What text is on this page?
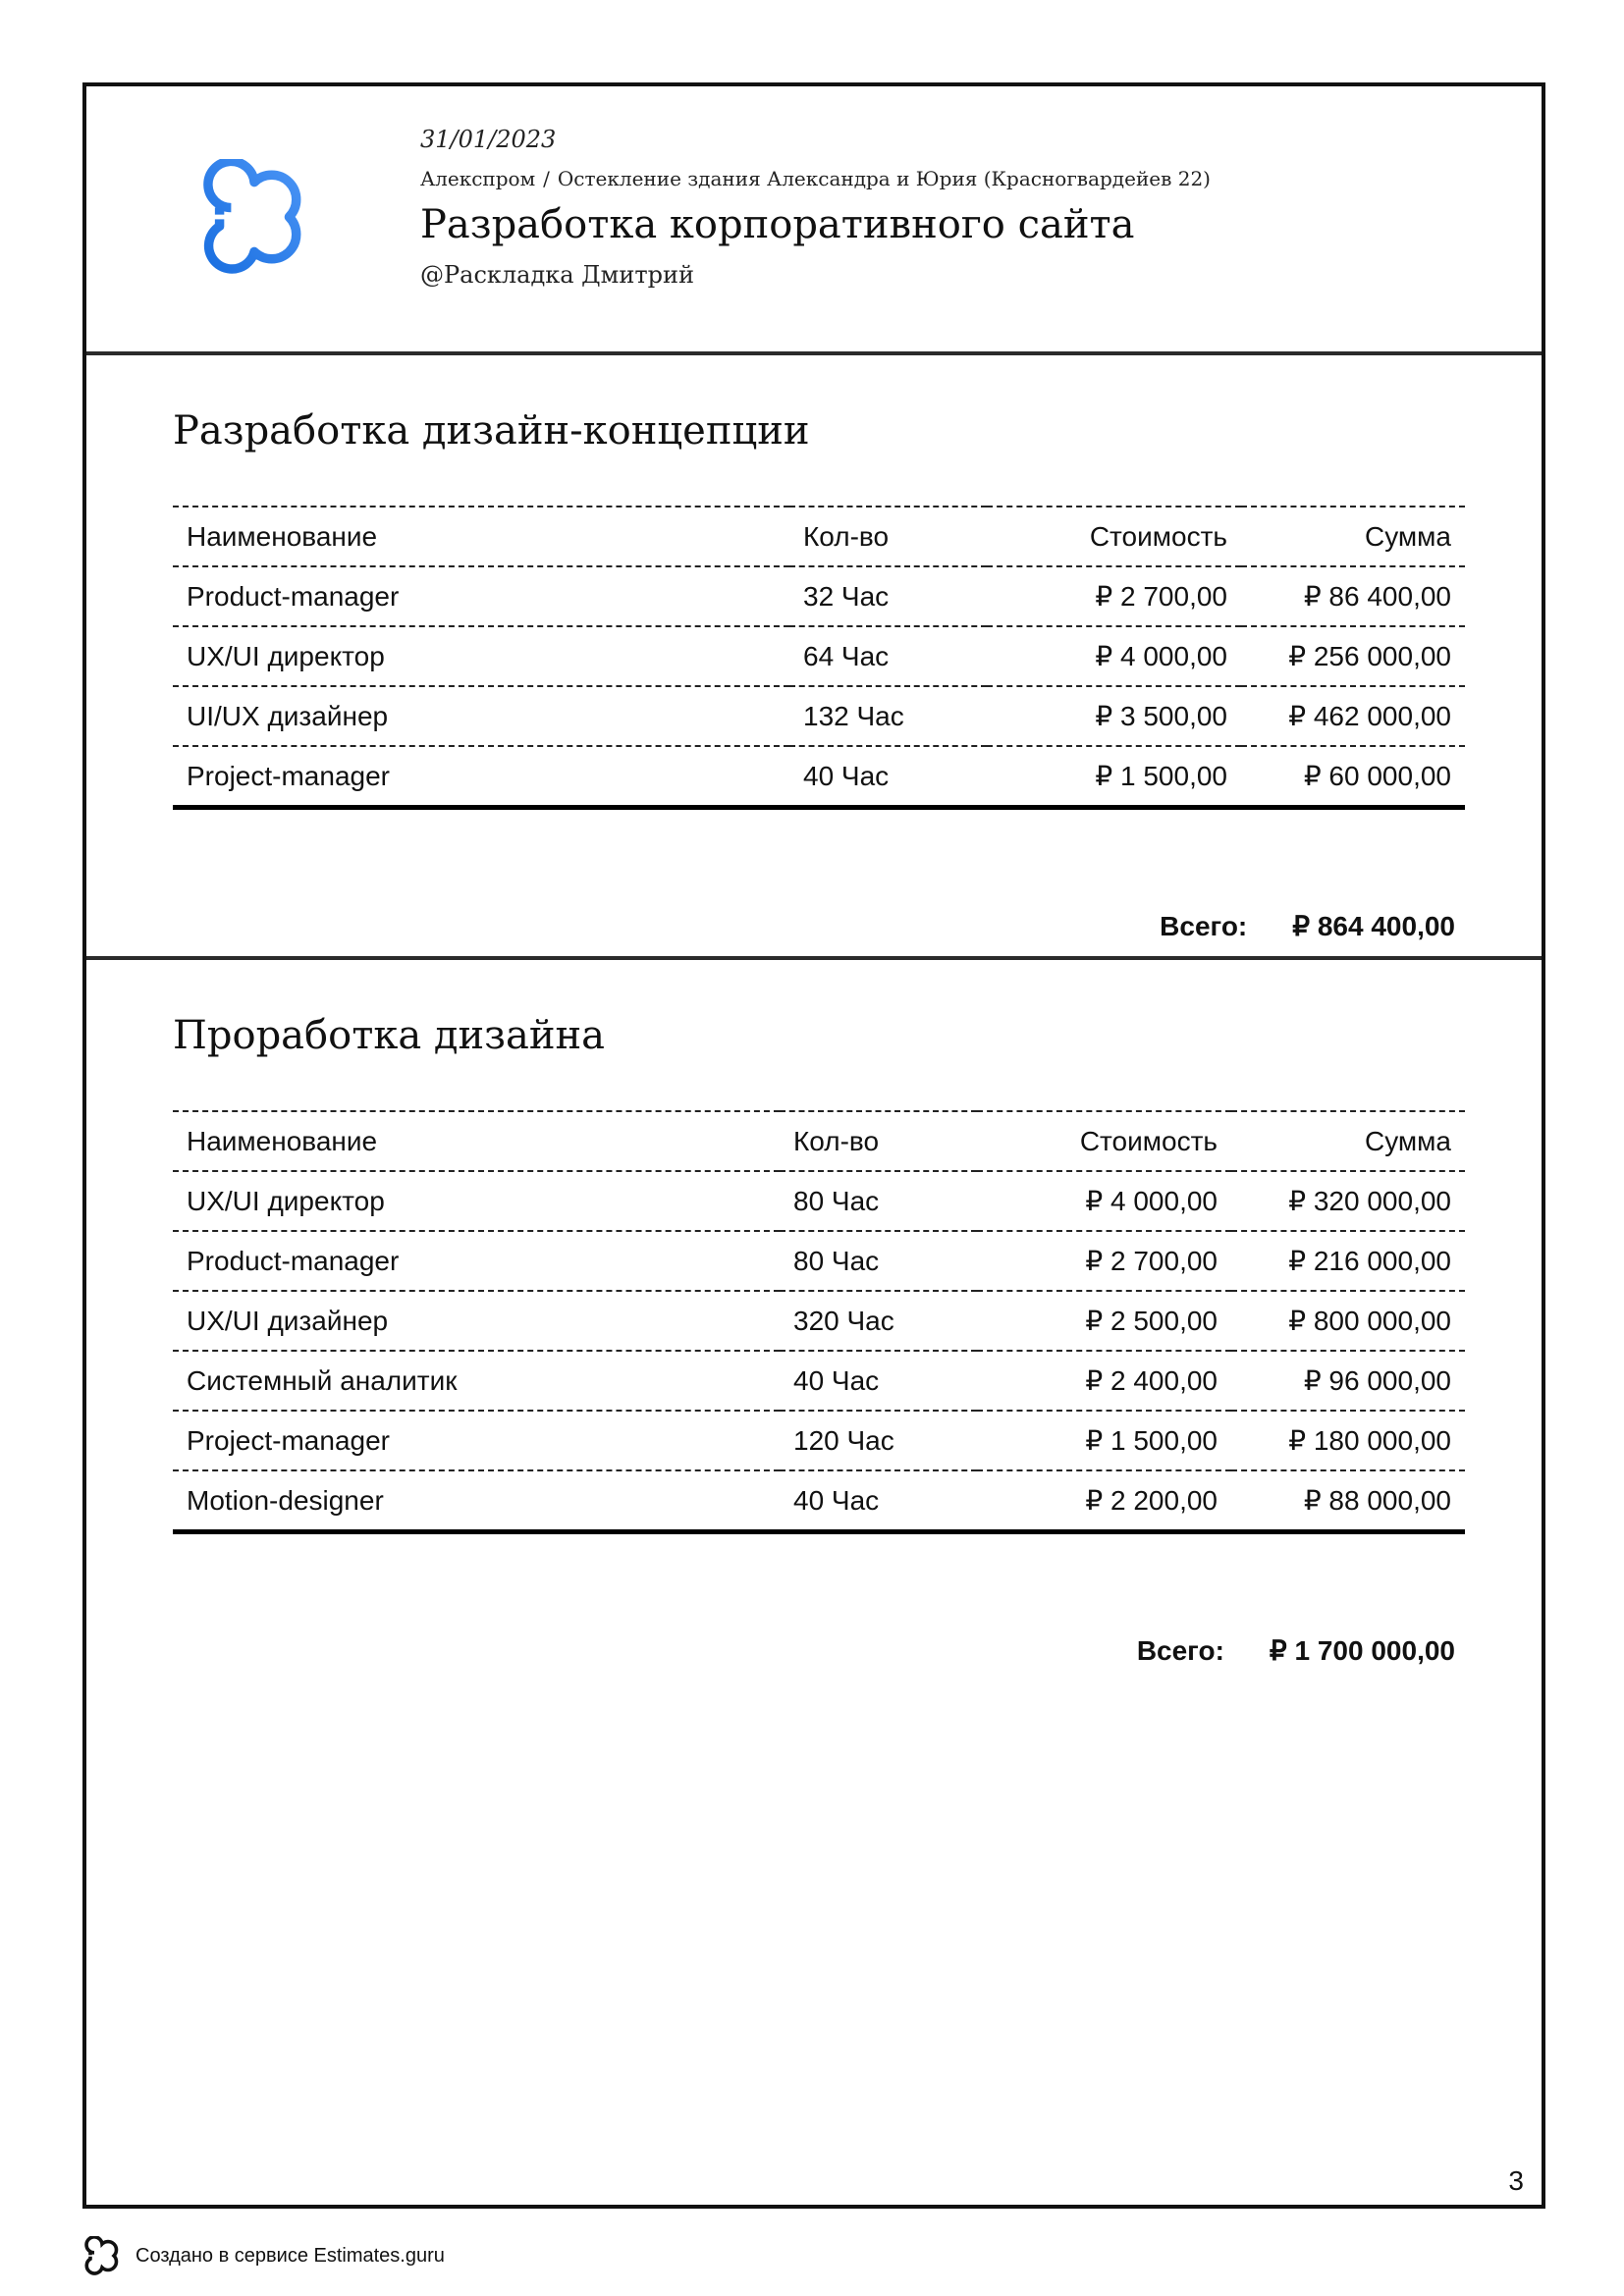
31/01/2023
Алекспром / Остекление здания Александра и Юрия (Красногвардейев 22)
Разработка корпоративного сайта
@Раскладка Дмитрий
Разработка дизайн-концепции
Наименование	Кол-во	Стоимость	Сумма
Product-manager	32 Час	₽ 2 700,00	₽ 86 400,00
UX/UI директор	64 Час	₽ 4 000,00	₽ 256 000,00
UI/UX дизайнер	132 Час	₽ 3 500,00	₽ 462 000,00
Project-manager	40 Час	₽ 1 500,00	₽ 60 000,00
Всего: ₽ 864 400,00
Проработка дизайна
Наименование	Кол-во	Стоимость	Сумма
UX/UI директор	80 Час	₽ 4 000,00	₽ 320 000,00
Product-manager	80 Час	₽ 2 700,00	₽ 216 000,00
UX/UI дизайнер	320 Час	₽ 2 500,00	₽ 800 000,00
Системный аналитик	40 Час	₽ 2 400,00	₽ 96 000,00
Project-manager	120 Час	₽ 1 500,00	₽ 180 000,00
Motion-designer	40 Час	₽ 2 200,00	₽ 88 000,00
Всего: ₽ 1 700 000,00
3
Создано в сервисе Estimates.guru
